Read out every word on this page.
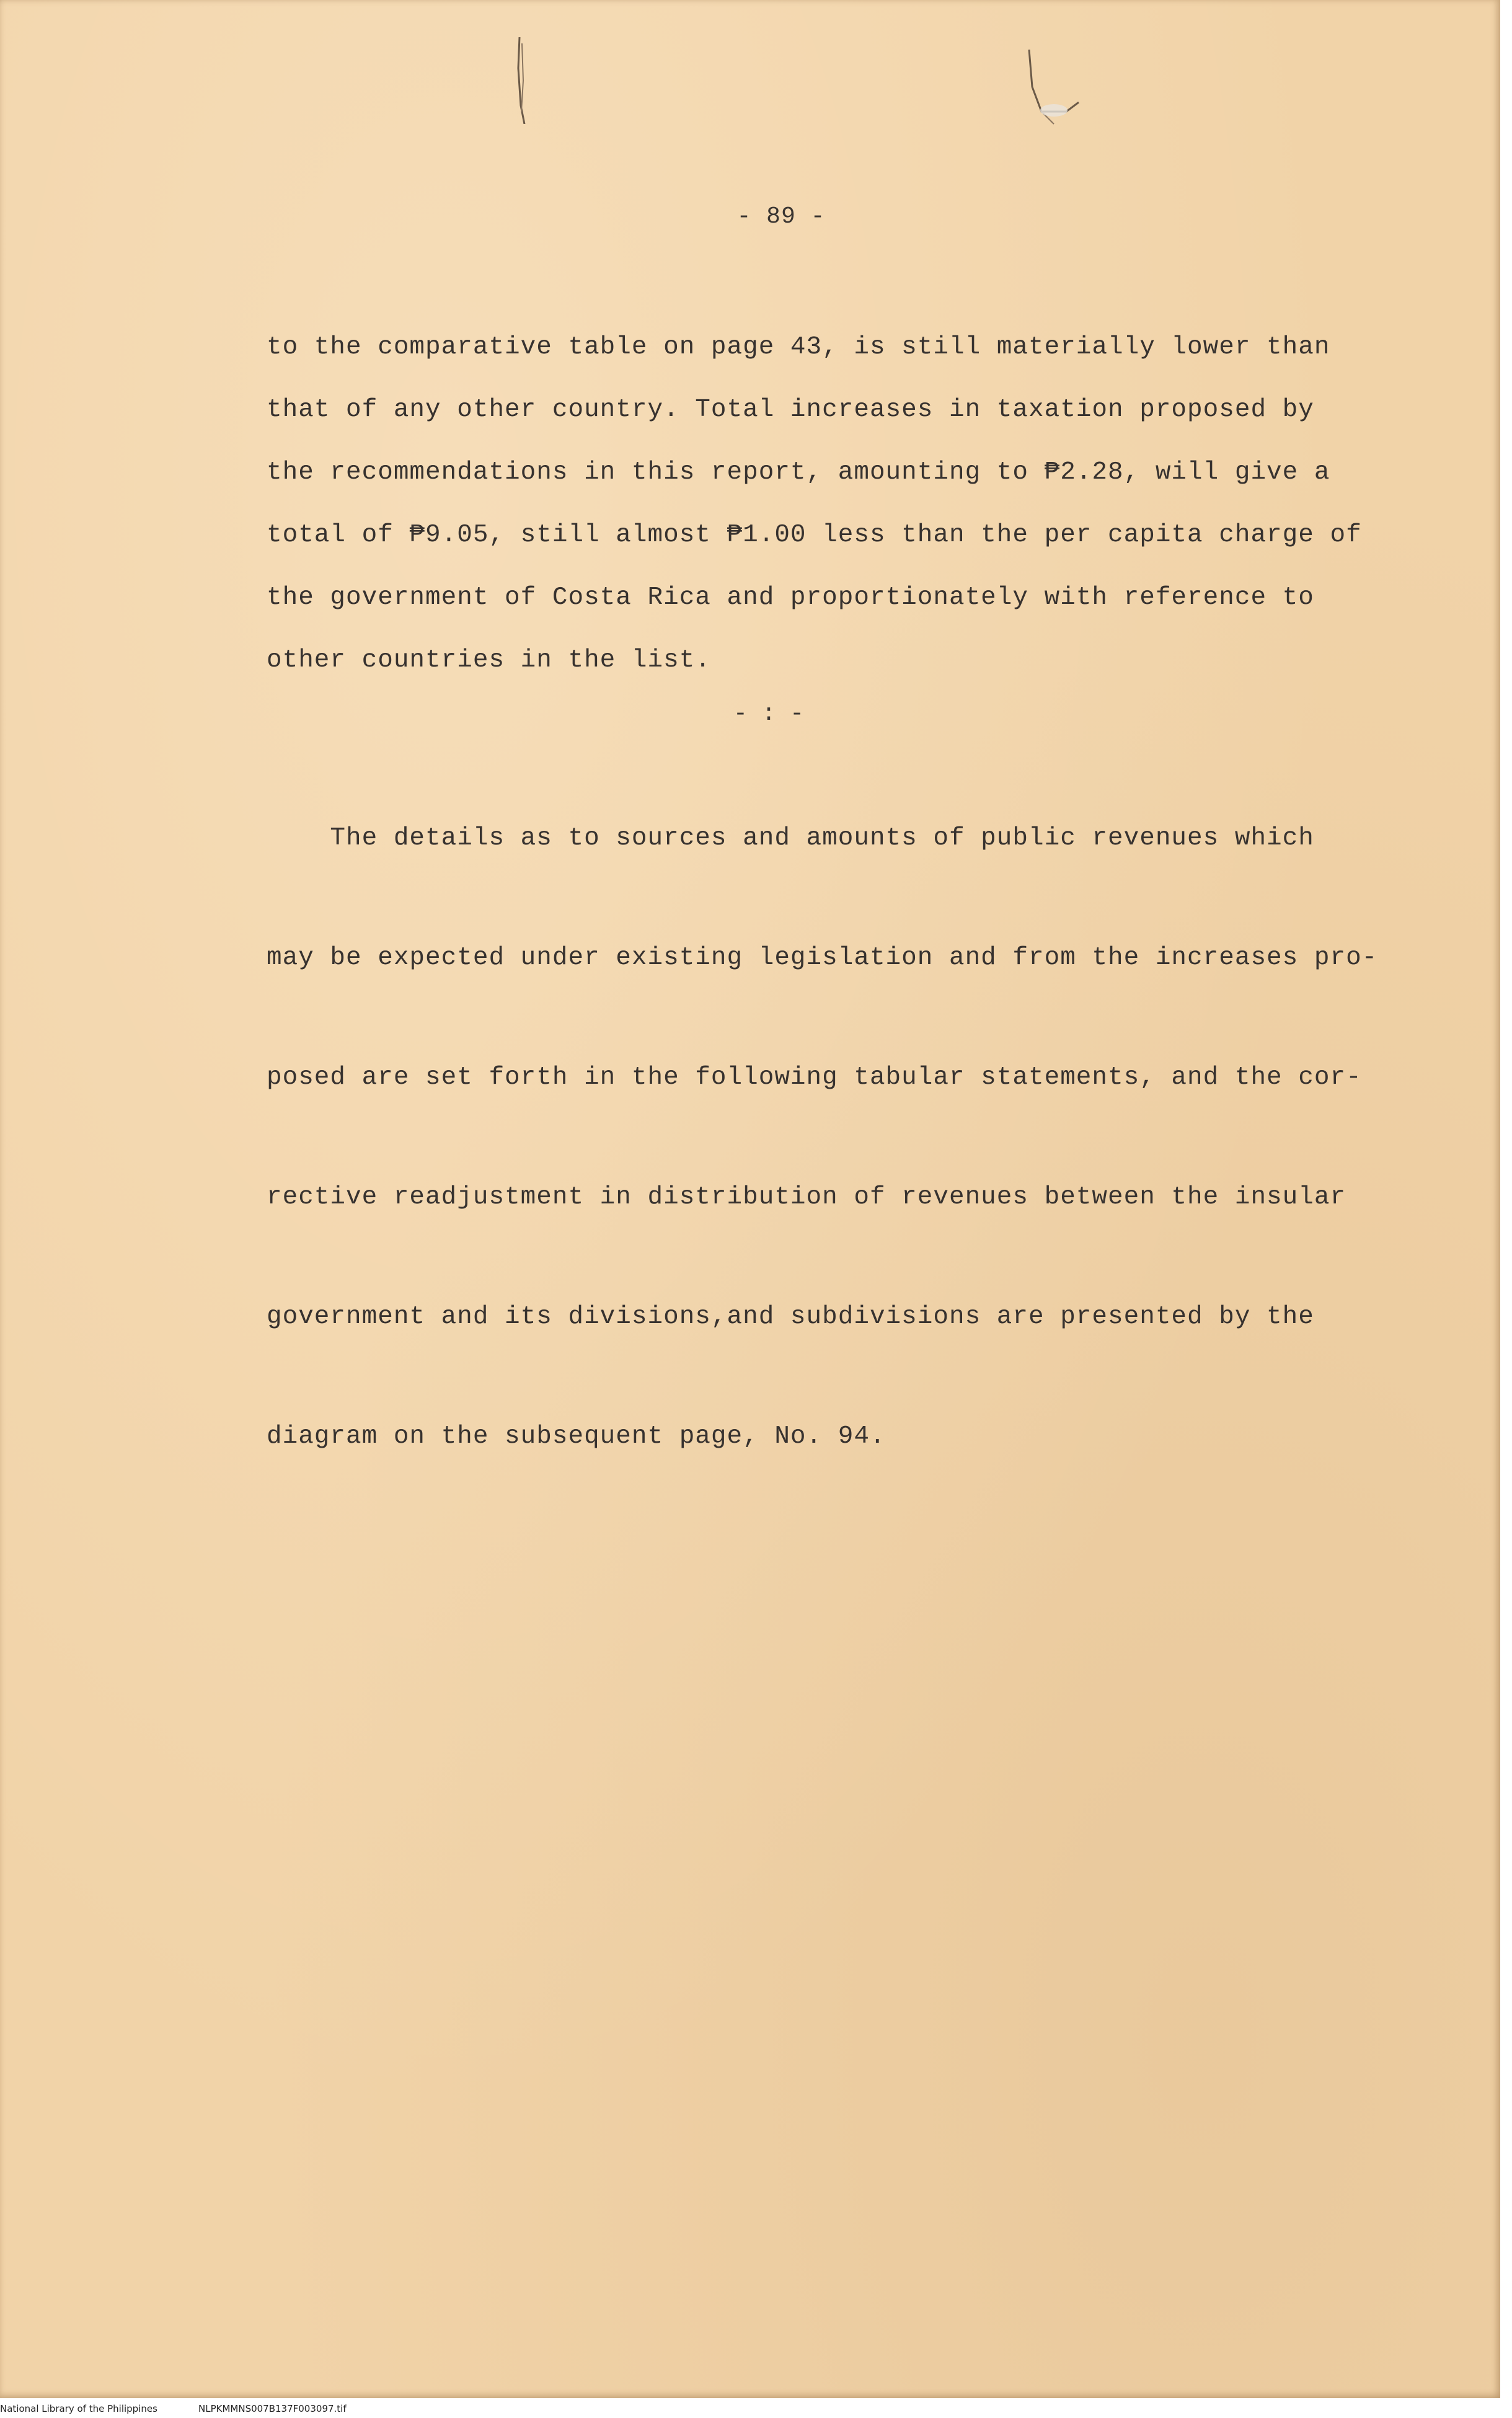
- 89 -
to the comparative table on page 43, is still materially lower than
that of any other country. Total increases in taxation proposed by
the recommendations in this report, amounting to ₱2.28, will give a
total of ₱9.05, still almost ₱1.00 less than the per capita charge of
the government of Costa Rica and proportionately with reference to
other countries in the list.
- : -

The details as to sources and amounts of public revenues which

may be expected under existing legislation and from the increases pro-

posed are set forth in the following tabular statements, and the cor-

rective readjustment in distribution of revenues between the insular

government and its divisions,and subdivisions are presented by the

diagram on the subsequent page, No. 94.

National Library of the Philippines	NLPKMMNS007B137F003097.tif
